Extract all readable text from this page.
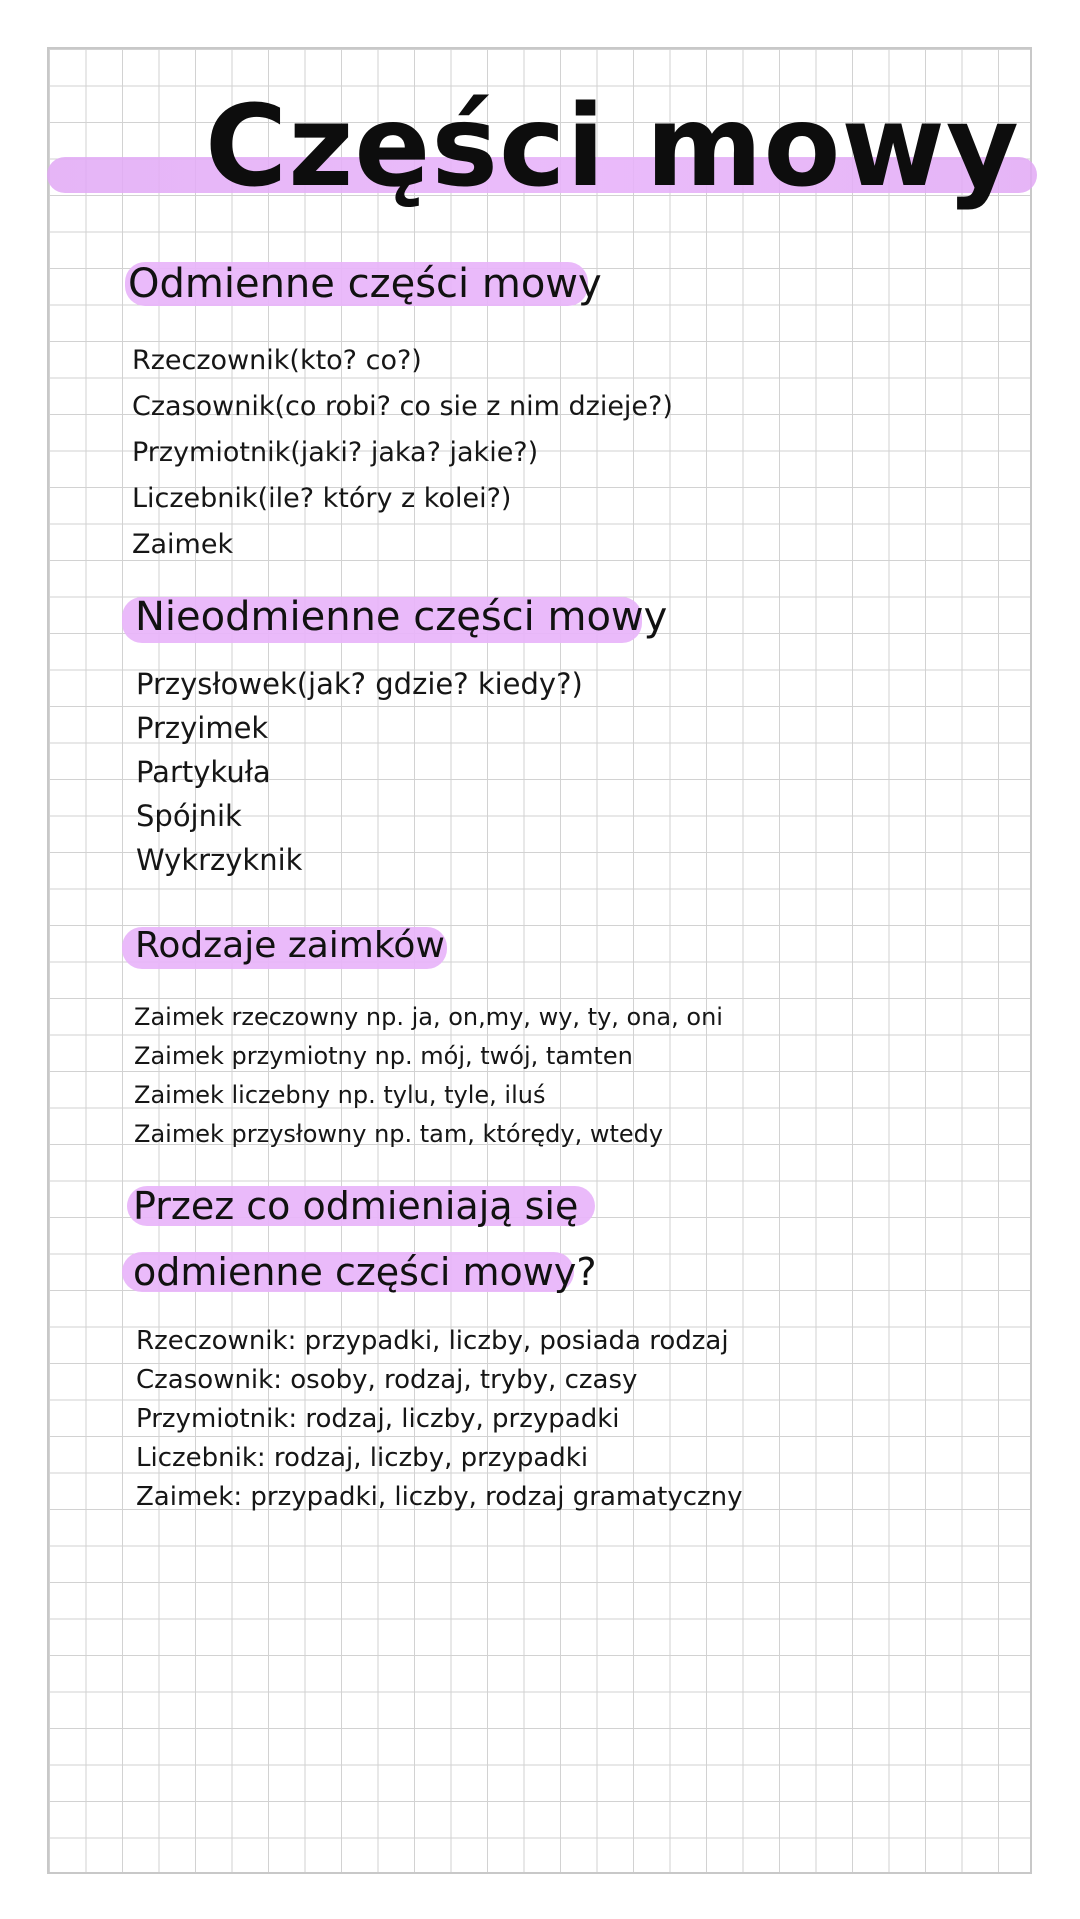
Części mowy
Odmienne części mowy
Rzeczownik(kto? co?)
Czasownik(co robi? co sie z nim dzieje?)
Przymiotnik(jaki? jaka? jakie?)
Liczebnik(ile? który z kolei?)
Zaimek
Nieodmienne części mowy
Przysłowek(jak? gdzie? kiedy?)
Przyimek
Partykuła
Spójnik
Wykrzyknik
Rodzaje zaimków
Zaimek rzeczowny np. ja, on,my, wy, ty, ona, oni
Zaimek przymiotny np. mój, twój, tamten
Zaimek liczebny np. tylu, tyle, iluś
Zaimek przysłowny np. tam, którędy, wtedy
Przez co odmieniają się
odmienne części mowy?
Rzeczownik: przypadki, liczby, posiada rodzaj
Czasownik: osoby, rodzaj, tryby, czasy
Przymiotnik: rodzaj, liczby, przypadki
Liczebnik: rodzaj, liczby, przypadki
Zaimek: przypadki, liczby, rodzaj gramatyczny
